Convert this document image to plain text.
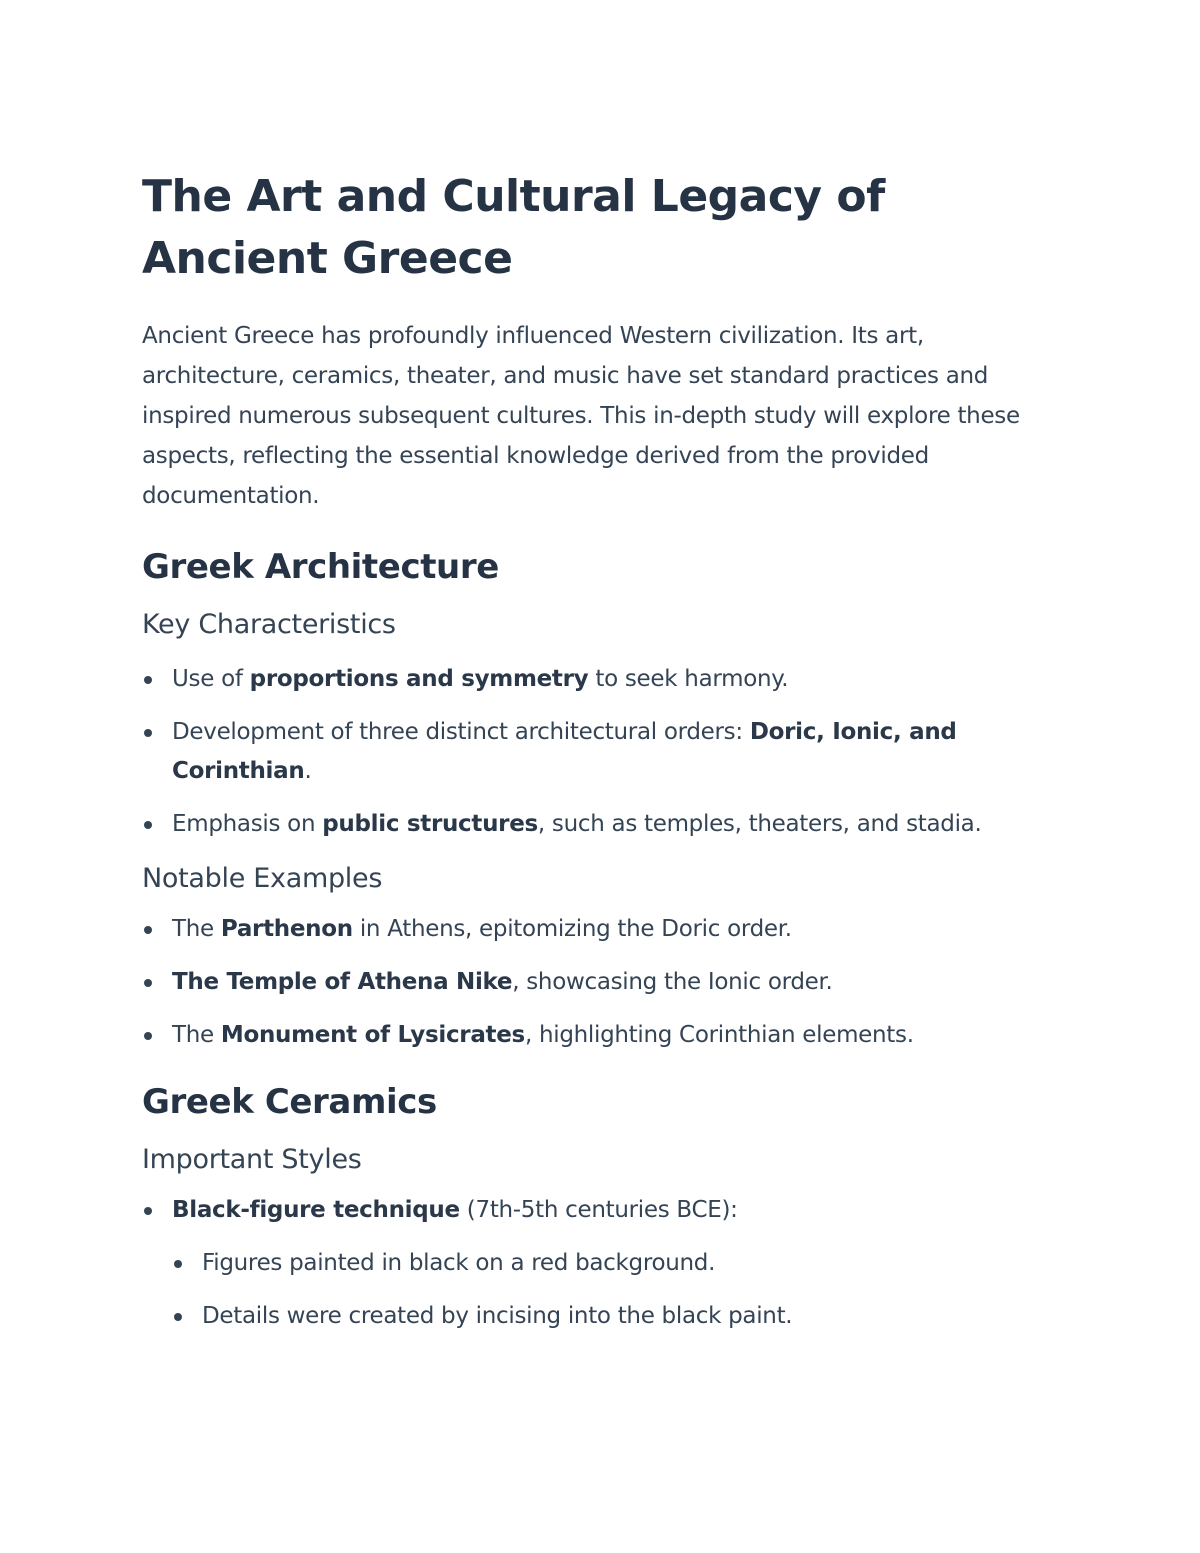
The Art and Cultural Legacy of Ancient Greece

Ancient Greece has profoundly influenced Western civilization. Its art, architecture, ceramics, theater, and music have set standard practices and inspired numerous subsequent cultures. This in-depth study will explore these aspects, reflecting the essential knowledge derived from the provided documentation.

Greek Architecture
Key Characteristics
Use of proportions and symmetry to seek harmony.
Development of three distinct architectural orders: Doric, Ionic, and Corinthian.
Emphasis on public structures, such as temples, theaters, and stadia.
Notable Examples
The Parthenon in Athens, epitomizing the Doric order.
The Temple of Athena Nike, showcasing the Ionic order.
The Monument of Lysicrates, highlighting Corinthian elements.
Greek Ceramics
Important Styles
Black-figure technique (7th-5th centuries BCE):
Figures painted in black on a red background.
Details were created by incising into the black paint.
